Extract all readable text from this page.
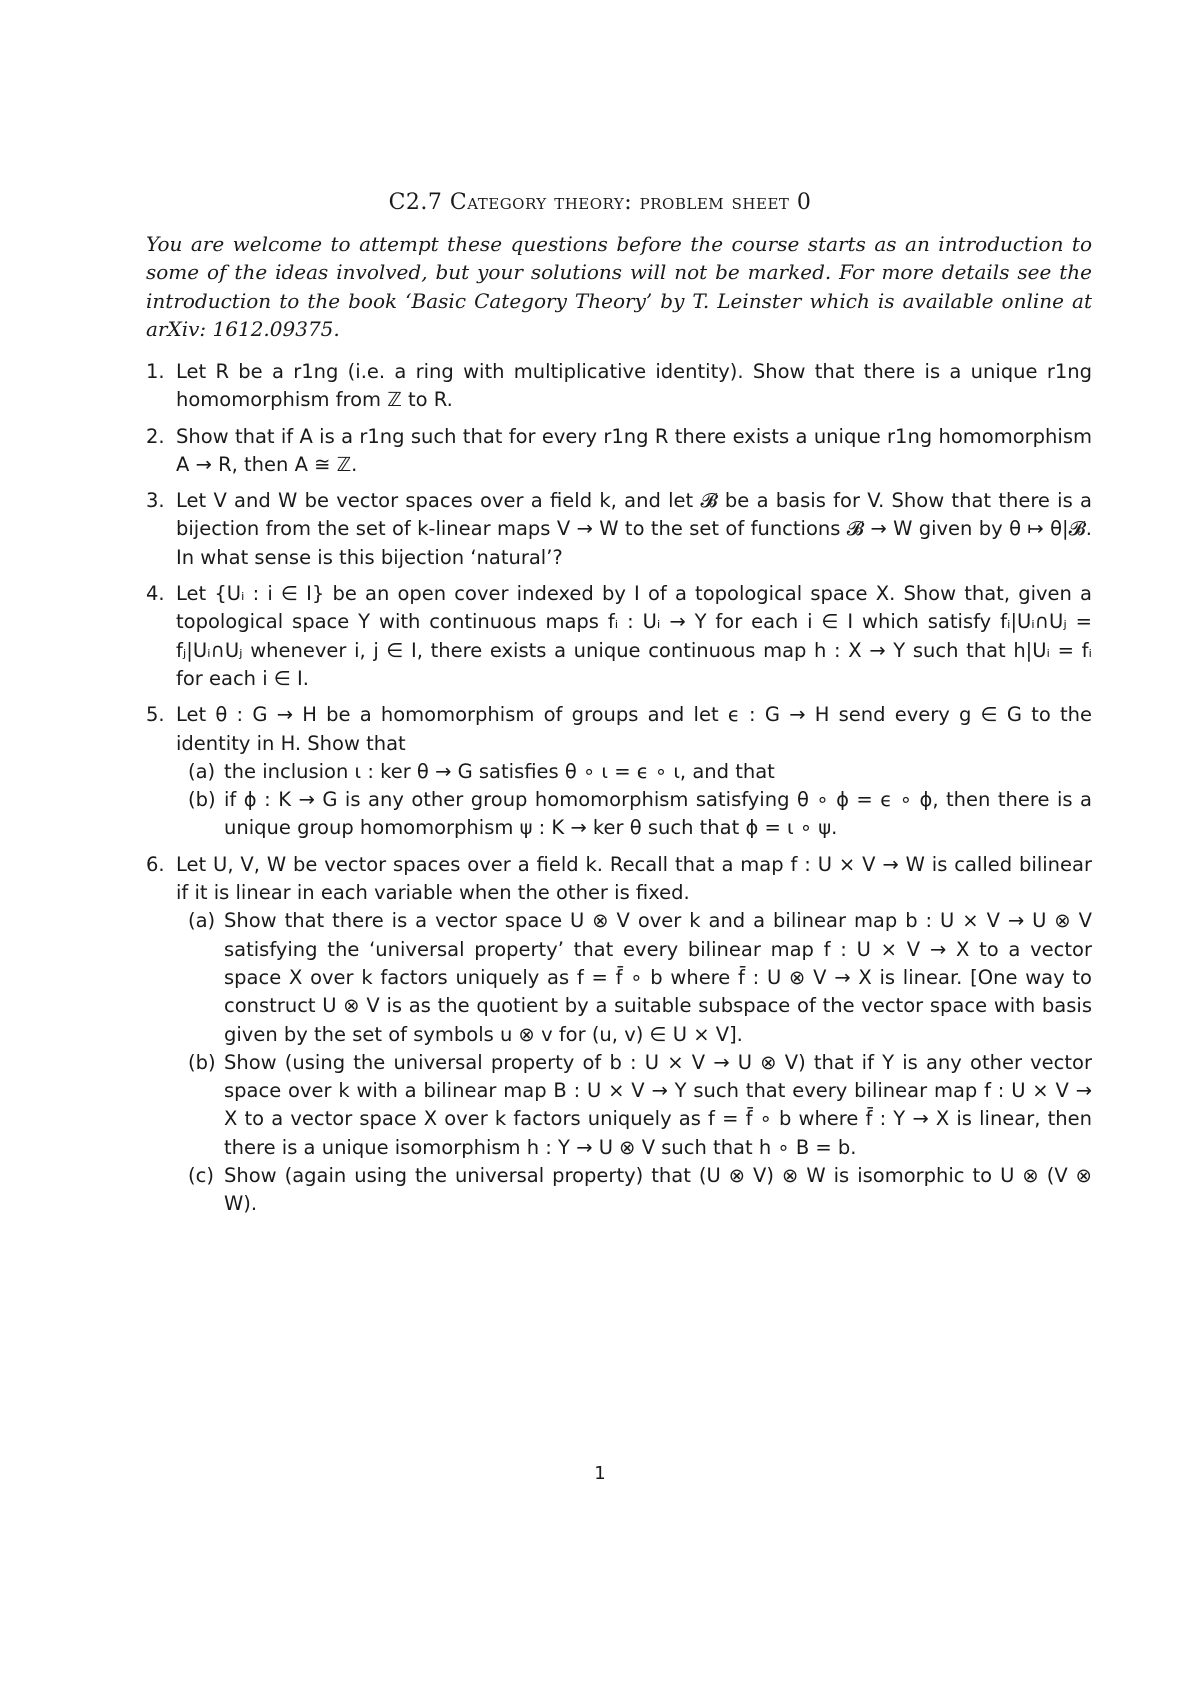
C2.7 Category theory: problem sheet 0
You are welcome to attempt these questions before the course starts as an introduction to some of the ideas involved, but your solutions will not be marked. For more details see the introduction to the book ‘Basic Category Theory’ by T. Leinster which is available online at arXiv: 1612.09375.
1. Let R be a r1ng (i.e. a ring with multiplicative identity). Show that there is a unique r1ng homomorphism from ℤ to R.
2. Show that if A is a r1ng such that for every r1ng R there exists a unique r1ng homomorphism A → R, then A ≅ ℤ.
3. Let V and W be vector spaces over a field k, and let 𝓑 be a basis for V. Show that there is a bijection from the set of k-linear maps V → W to the set of functions 𝓑 → W given by θ ↦ θ|𝓑. In what sense is this bijection ‘natural’?
4. Let {Uᵢ : i ∈ I} be an open cover indexed by I of a topological space X. Show that, given a topological space Y with continuous maps fᵢ : Uᵢ → Y for each i ∈ I which satisfy fᵢ|Uᵢ∩Uⱼ = fⱼ|Uᵢ∩Uⱼ whenever i, j ∈ I, there exists a unique continuous map h : X → Y such that h|Uᵢ = fᵢ for each i ∈ I.
5. Let θ : G → H be a homomorphism of groups and let ϵ : G → H send every g ∈ G to the identity in H. Show that
(a) the inclusion ι : ker θ → G satisfies θ ∘ ι = ϵ ∘ ι, and that
(b) if ϕ : K → G is any other group homomorphism satisfying θ ∘ ϕ = ϵ ∘ ϕ, then there is a unique group homomorphism ψ : K → ker θ such that ϕ = ι ∘ ψ.
6. Let U, V, W be vector spaces over a field k. Recall that a map f : U × V → W is called bilinear if it is linear in each variable when the other is fixed.
(a) Show that there is a vector space U ⊗ V over k and a bilinear map b : U × V → U ⊗ V satisfying the ‘universal property’ that every bilinear map f : U × V → X to a vector space X over k factors uniquely as f = f̄ ∘ b where f̄ : U ⊗ V → X is linear. [One way to construct U ⊗ V is as the quotient by a suitable subspace of the vector space with basis given by the set of symbols u ⊗ v for (u, v) ∈ U × V].
(b) Show (using the universal property of b : U × V → U ⊗ V) that if Y is any other vector space over k with a bilinear map B : U × V → Y such that every bilinear map f : U × V → X to a vector space X over k factors uniquely as f = f̄ ∘ b where f̄ : Y → X is linear, then there is a unique isomorphism h : Y → U ⊗ V such that h ∘ B = b.
(c) Show (again using the universal property) that (U ⊗ V) ⊗ W is isomorphic to U ⊗ (V ⊗ W).
1
